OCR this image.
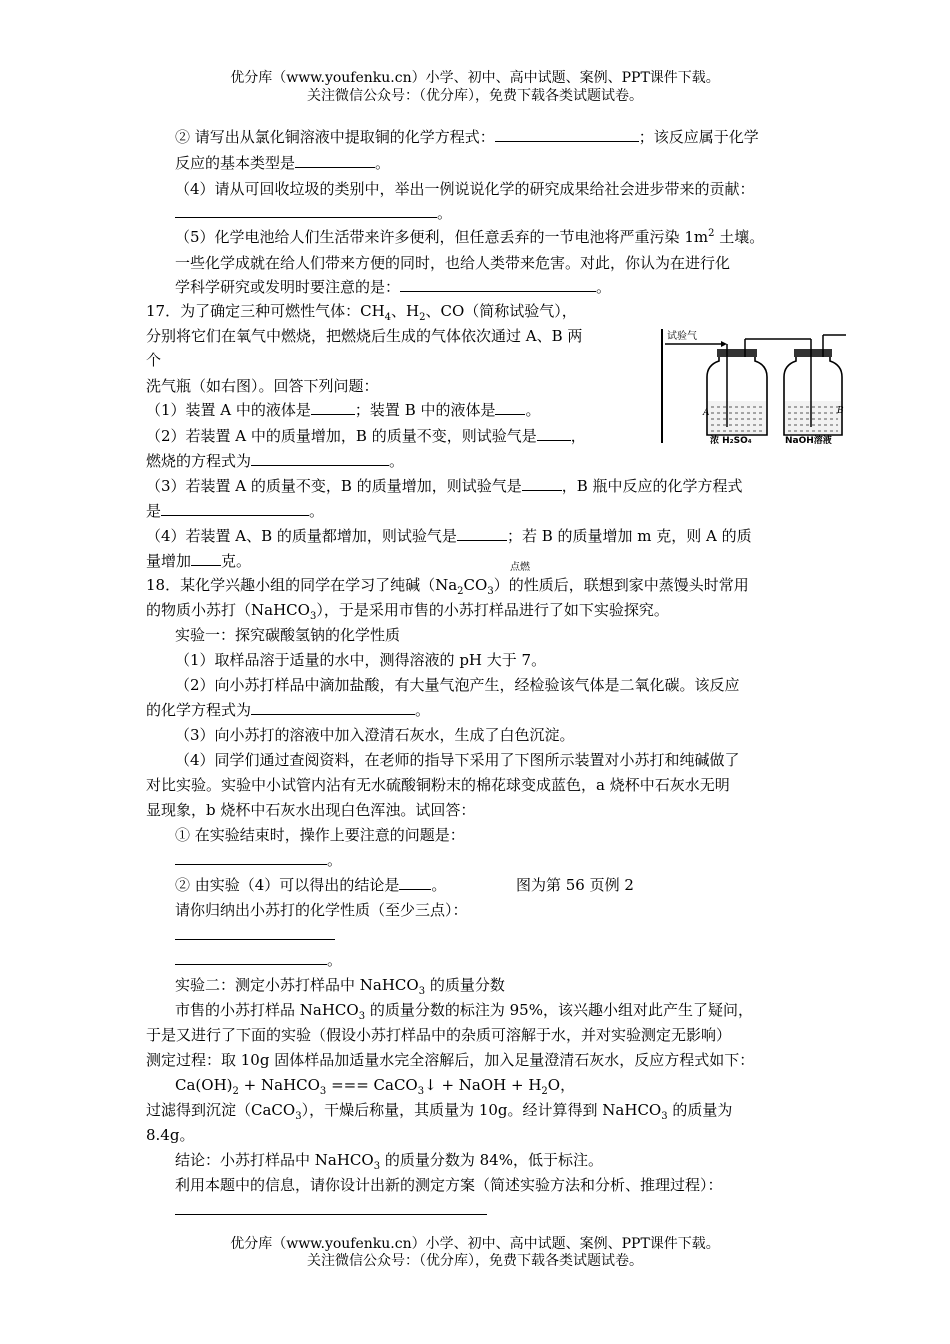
优分库（www.youfenku.cn）小学、初中、高中试题、案例、PPT课件下载。
关注微信公众号：（优分库），免费下载各类试题试卷。
② 请写出从氯化铜溶液中提取铜的化学方程式：	；该反应属于化学
反应的基本类型是	。
（4）请从可回收垃圾的类别中，举出一例说说化学的研究成果给社会进步带来的贡献：
。
（5）化学电池给人们生活带来许多便利，但任意丢弃的一节电池将严重污染 $1m^2$ 土壤。
一些化学成就在给人们带来方便的同时，也给人类带来危害。对此，你认为在进行化
学科学研究或发明时要注意的是：	。
17．为了确定三种可燃性气体：$CH_4$、$H_2$、CO（简称试验气），
分别将它们在氧气中燃烧，把燃烧后生成的气体依次通过 A、B 两
个
洗气瓶（如右图）。回答下列问题：
（1）装置 A 中的液体是	；装置 B 中的液体是 。
（2）若装置 A 中的质量增加，B 的质量不变，则试验气是 ，
燃烧的方程式为	。
（3）若装置 A 的质量不变，B 的质量增加，则试验气是	，B 瓶中反应的化学方程式
是	。
（4）若装置 A、B 的质量都增加，则试验气是	；若 B 的质量增加 m 克，则 A 的质
量增加 克。	点燃
试验气
A	B
浓 H₂SO₄	NaOH溶液
18．某化学兴趣小组的同学在学习了纯碱$(Na_2CO_3)$的性质后，联想到家中蒸馒头时常用
的物质小苏打（NaHCO$_3$），于是采用市售的小苏打样品进行了如下实验探究。
实验一：探究碳酸氢钠的化学性质
（1）取样品溶于适量的水中，测得溶液的 pH 大于 7。
（2）向小苏打样品中滴加盐酸，有大量气泡产生，经检验该气体是二氧化碳。该反应
的化学方程式为	。
（3）向小苏打的溶液中加入澄清石灰水，生成了白色沉淀。
（4）同学们通过查阅资料，在老师的指导下采用了下图所示装置对小苏打和纯碱做了
对比实验。实验中小试管内沾有无水硫酸铜粉末的棉花球变成蓝色，a 烧杯中石灰水无明
显现象，b 烧杯中石灰水出现白色浑浊。试回答：
① 在实验结束时，操作上要注意的问题是：
。
② 由实验（4）可以得出的结论是 。	图为第 56 页例 2
请你归纳出小苏打的化学性质（至少三点）：
。
实验二：测定小苏打样品中 NaHCO$_3$ 的质量分数
市售的小苏打样品 NaHCO$_3$ 的质量分数的标注为 95%，该兴趣小组对此产生了疑问，
于是又进行了下面的实验（假设小苏打样品中的杂质可溶解于水，并对实验测定无影响）
测定过程：取 10g 固体样品加适量水完全溶解后，加入足量澄清石灰水，反应方程式如下：
$Ca(OH)_2$ + NaHCO$_3$ === CaCO$_3$↓ + NaOH + $H_2O$，
过滤得到沉淀（CaCO$_3$），干燥后称量，其质量为 10g。经计算得到 NaHCO$_3$ 的质量为
8.4g。
结论：小苏打样品中 NaHCO$_3$ 的质量分数为 84%，低于标注。
利用本题中的信息，请你设计出新的测定方案（简述实验方法和分析、推理过程）：
优分库（www.youfenku.cn）小学、初中、高中试题、案例、PPT课件下载。
关注微信公众号：（优分库），免费下载各类试题试卷。
